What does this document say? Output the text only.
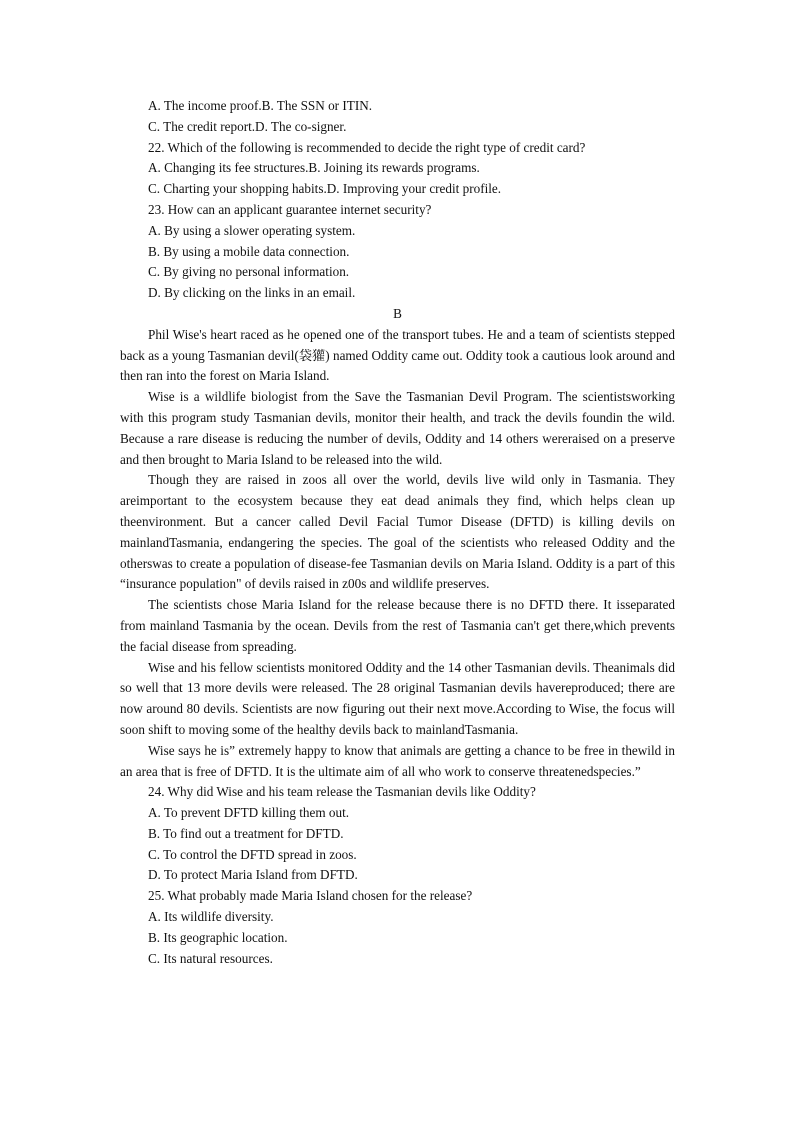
A. The income proof.B. The SSN or ITIN.
C. The credit report.D. The co-signer.
22. Which of the following is recommended to decide the right type of credit card?
A. Changing its fee structures.B. Joining its rewards programs.
C. Charting your shopping habits.D. Improving your credit profile.
23. How can an applicant guarantee internet security?
A. By using a slower operating system.
B. By using a mobile data connection.
C. By giving no personal information.
D. By clicking on the links in an email.
B
Phil Wise's heart raced as he opened one of the transport tubes. He and a team of scientists stepped back as a young Tasmanian devil(袋獾) named Oddity came out. Oddity took a cautious look around and then ran into the forest on Maria Island.
Wise is a wildlife biologist from the Save the Tasmanian Devil Program. The scientistsworking with this program study Tasmanian devils, monitor their health, and track the devils foundin the wild. Because a rare disease is reducing the number of devils, Oddity and 14 others wereraised on a preserve and then brought to Maria Island to be released into the wild.
Though they are raised in zoos all over the world, devils live wild only in Tasmania. They areimportant to the ecosystem because they eat dead animals they find, which helps clean up theenvironment. But a cancer called Devil Facial Tumor Disease (DFTD) is killing devils on mainlandTasmania, endangering the species. The goal of the scientists who released Oddity and the otherswas to create a population of disease-fee Tasmanian devils on Maria Island. Oddity is a part of this “insurance population" of devils raised in z00s and wildlife preserves.
The scientists chose Maria Island for the release because there is no DFTD there. It isseparated from mainland Tasmania by the ocean. Devils from the rest of Tasmania can't get there,which prevents the facial disease from spreading.
Wise and his fellow scientists monitored Oddity and the 14 other Tasmanian devils. Theanimals did so well that 13 more devils were released. The 28 original Tasmanian devils havereproduced; there are now around 80 devils. Scientists are now figuring out their next move.According to Wise, the focus will soon shift to moving some of the healthy devils back to mainlandTasmania.
Wise says he is” extremely happy to know that animals are getting a chance to be free in thewild in an area that is free of DFTD. It is the ultimate aim of all who work to conserve threatenedspecies.”
24. Why did Wise and his team release the Tasmanian devils like Oddity?
A. To prevent DFTD killing them out.
B. To find out a treatment for DFTD.
C. To control the DFTD spread in zoos.
D. To protect Maria Island from DFTD.
25. What probably made Maria Island chosen for the release?
A. Its wildlife diversity.
B. Its geographic location.
C. Its natural resources.
